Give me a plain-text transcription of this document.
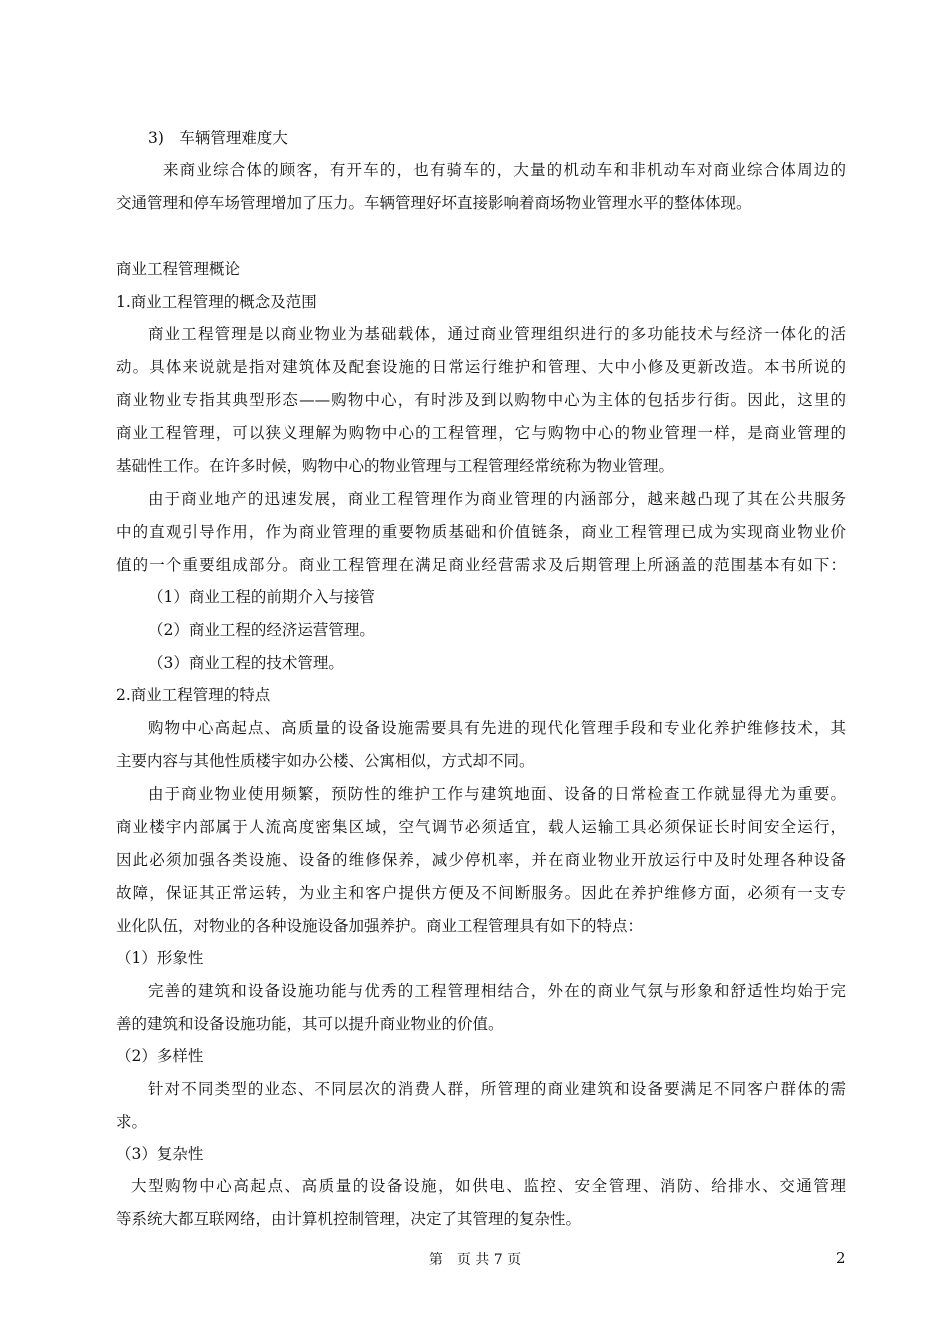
3)　车辆管理难度大
来商业综合体的顾客，有开车的，也有骑车的，大量的机动车和非机动车对商业综合体周边的
交通管理和停车场管理增加了压力。车辆管理好坏直接影响着商场物业管理水平的整体体现。
商业工程管理概论
1.商业工程管理的概念及范围
商业工程管理是以商业物业为基础载体，通过商业管理组织进行的多功能技术与经济一体化的活
动。具体来说就是指对建筑体及配套设施的日常运行维护和管理、大中小修及更新改造。本书所说的
商业物业专指其典型形态——购物中心，有时涉及到以购物中心为主体的包括步行街。因此，这里的
商业工程管理，可以狭义理解为购物中心的工程管理，它与购物中心的物业管理一样，是商业管理的
基础性工作。在许多时候，购物中心的物业管理与工程管理经常统称为物业管理。
由于商业地产的迅速发展，商业工程管理作为商业管理的内涵部分，越来越凸现了其在公共服务
中的直观引导作用，作为商业管理的重要物质基础和价值链条，商业工程管理已成为实现商业物业价
值的一个重要组成部分。商业工程管理在满足商业经营需求及后期管理上所涵盖的范围基本有如下：
（1）商业工程的前期介入与接管
（2）商业工程的经济运营管理。
（3）商业工程的技术管理。
2.商业工程管理的特点
购物中心高起点、高质量的设备设施需要具有先进的现代化管理手段和专业化养护维修技术，其
主要内容与其他性质楼宇如办公楼、公寓相似，方式却不同。
由于商业物业使用频繁，预防性的维护工作与建筑地面、设备的日常检查工作就显得尤为重要。
商业楼宇内部属于人流高度密集区域，空气调节必须适宜，载人运输工具必须保证长时间安全运行，
因此必须加强各类设施、设备的维修保养，减少停机率，并在商业物业开放运行中及时处理各种设备
故障，保证其正常运转，为业主和客户提供方便及不间断服务。因此在养护维修方面，必须有一支专
业化队伍，对物业的各种设施设备加强养护。商业工程管理具有如下的特点：
（1）形象性
完善的建筑和设备设施功能与优秀的工程管理相结合，外在的商业气氛与形象和舒适性均始于完
善的建筑和设备设施功能，其可以提升商业物业的价值。
（2）多样性
针对不同类型的业态、不同层次的消费人群，所管理的商业建筑和设备要满足不同客户群体的需
求。
（3）复杂性
大型购物中心高起点、高质量的设备设施，如供电、监控、安全管理、消防、给排水、交通管理
等系统大都互联网络，由计算机控制管理，决定了其管理的复杂性。
第　页 共 7 页	2
